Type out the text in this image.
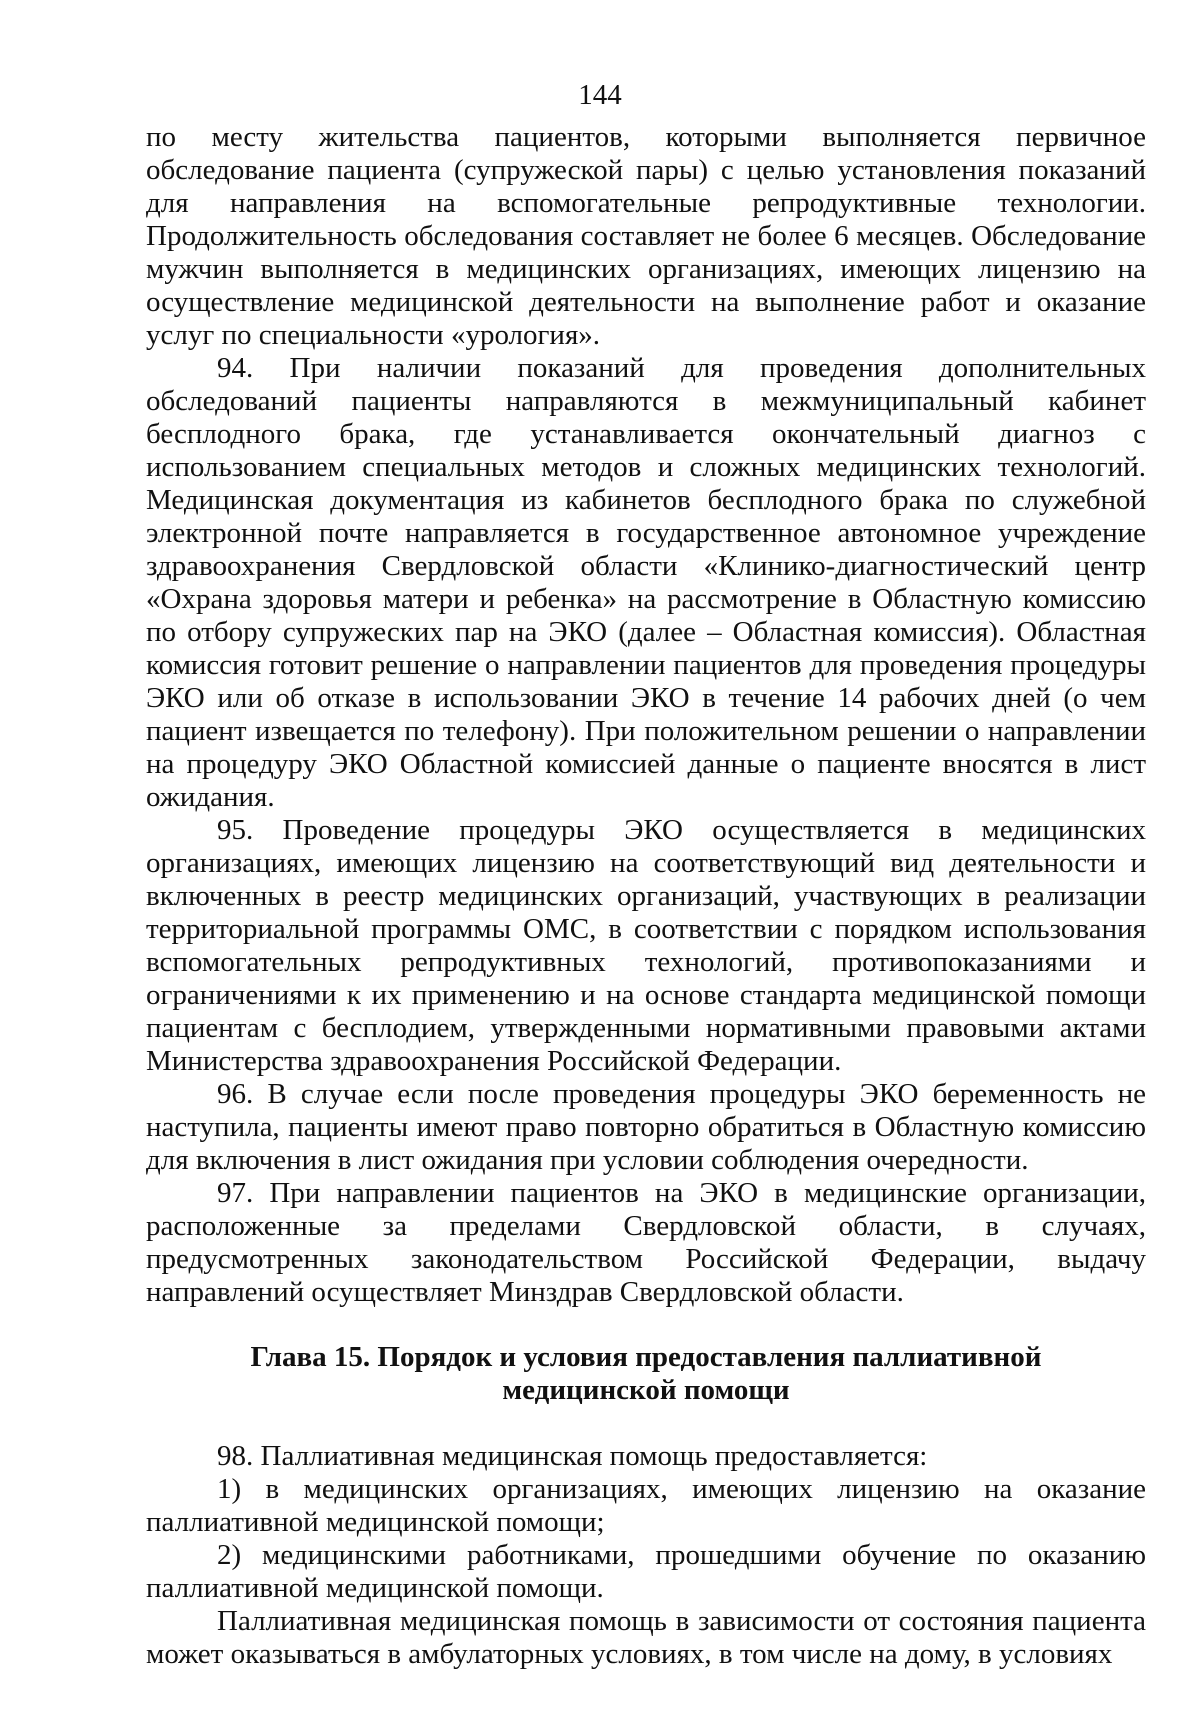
144

по месту жительства пациентов, которыми выполняется первичное обследование пациента (супружеской пары) с целью установления показаний для направления на вспомогательные репродуктивные технологии. Продолжительность обследования составляет не более 6 месяцев. Обследование мужчин выполняется в медицинских организациях, имеющих лицензию на осуществление медицинской деятельности на выполнение работ и оказание услуг по специальности «урология».

94. При наличии показаний для проведения дополнительных обследований пациенты направляются в межмуниципальный кабинет бесплодного брака, где устанавливается окончательный диагноз с использованием специальных методов и сложных медицинских технологий. Медицинская документация из кабинетов бесплодного брака по служебной электронной почте направляется в государственное автономное учреждение здравоохранения Свердловской области «Клинико-диагностический центр «Охрана здоровья матери и ребенка» на рассмотрение в Областную комиссию по отбору супружеских пар на ЭКО (далее – Областная комиссия). Областная комиссия готовит решение о направлении пациентов для проведения процедуры ЭКО или об отказе в использовании ЭКО в течение 14 рабочих дней (о чем пациент извещается по телефону). При положительном решении о направлении на процедуру ЭКО Областной комиссией данные о пациенте вносятся в лист ожидания.

95. Проведение процедуры ЭКО осуществляется в медицинских организациях, имеющих лицензию на соответствующий вид деятельности и включенных в реестр медицинских организаций, участвующих в реализации территориальной программы ОМС, в соответствии с порядком использования вспомогательных репродуктивных технологий, противопоказаниями и ограничениями к их применению и на основе стандарта медицинской помощи пациентам с бесплодием, утвержденными нормативными правовыми актами Министерства здравоохранения Российской Федерации.

96. В случае если после проведения процедуры ЭКО беременность не наступила, пациенты имеют право повторно обратиться в Областную комиссию для включения в лист ожидания при условии соблюдения очередности.

97. При направлении пациентов на ЭКО в медицинские организации, расположенные за пределами Свердловской области, в случаях, предусмотренных законодательством Российской Федерации, выдачу направлений осуществляет Минздрав Свердловской области.

Глава 15. Порядок и условия предоставления паллиативной
медицинской помощи

98. Паллиативная медицинская помощь предоставляется:

1) в медицинских организациях, имеющих лицензию на оказание паллиативной медицинской помощи;

2) медицинскими работниками, прошедшими обучение по оказанию паллиативной медицинской помощи.

Паллиативная медицинская помощь в зависимости от состояния пациента может оказываться в амбулаторных условиях, в том числе на дому, в условиях
